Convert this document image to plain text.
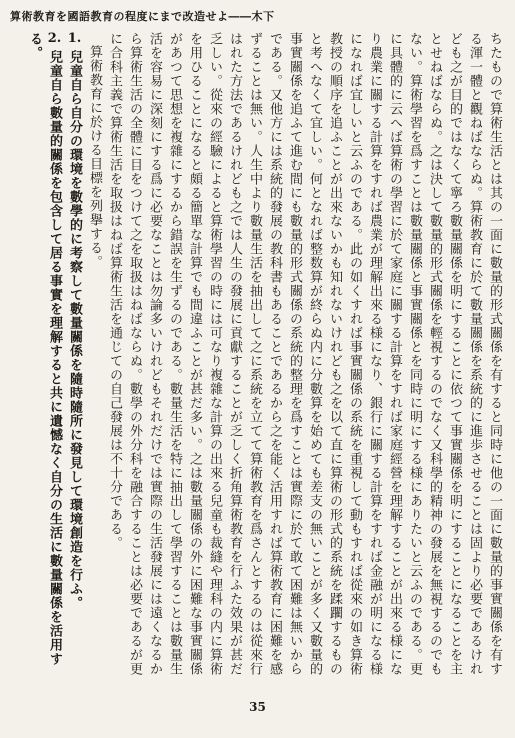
算術教育を國語教育の程度にまで改造せよ――木下

ちたもので算術生活とは其の一面に數量的形式關係を有すると同時に他の一面に數量的事實關係を有する渾一體と觀ねばならぬ。算術教育に於て數量關係を系統的に進歩させることは固より必要であるけれども之が目的ではなくて寧ろ數量關係を明にすることに依つて事實關係を明にすることになることを主とせねばならぬ。之は決して數量的形式關係を輕視するのでなく又科學的精神の發展を無視するのでもない。算術學習を爲すことは數量關係と事實關係とを同時に明にする様にありたいと云ふのである。更に具體的に云へば算術の學習に於て家庭に關する計算をすれば家庭經營を理解することが出來る様になり農業に關する計算をすれば農業が理解出來る様になり、銀行に關する計算をすれば金融が明になる様になれば宜しいと云ふのである。此の如くすれば事實關係の系統を重視して動もすれば從來の如き算術教授の順序を追ふことが出來ないかも知れないけれども之を以て直に算術の形式的系統を蹂躙するものと考へなくて宜しい。何となれば整数算が終らぬ内に分數算を始めても差支の無いことが多く又數量的事實關係を追ふて進む間にも數量的形式關係の系統的整理を爲すことは實際に於て敢て困難は無いからである。又他方には系統的發展の教科書もあることであるから之を能く活用すれば算術教育に困難を感ずることは無い。人生中より數量生活を抽出して之に系統を立てて算術教育を爲さんとするのは從來行はれた方法であるけれども之では人生の發展に貢獻することが乏しく折角算術教育を行ふた效果が甚だ乏しい。從來の經驗によると算術學習の時には可なり複雜な計算の出來る兒童も裁縫や理科の内に算術を用ひることになると頗る簡單な計算でも間違ふことが甚だ多い。之は數量關係の外に困難な事實關係があつて思想を複雜にするから錯誤を生ずるのである。數量生活を特に抽出して學習することは數量生活を容易に深刻にする爲に必要なことは勿論多いけれどもそれだけでは實際の生活發展には遠くなるから算術生活の全體に目をつけて之を取扱はねばならぬ。數學の外分科を融合することは必要であるが更に合科主義で算術生活を取扱はねば算術生活を通じての自己發展は不十分である。

算術教育に於ける目標を列擧する。

1. 兒童自ら自分の環境を數學的に考察して數量關係を隨時隨所に發見して環境創造を行ふ。

2. 兒童自ら數量的關係を包含して居る事實を理解すると共に遺憾なく自分の生活に數量關係を活用する。

35
